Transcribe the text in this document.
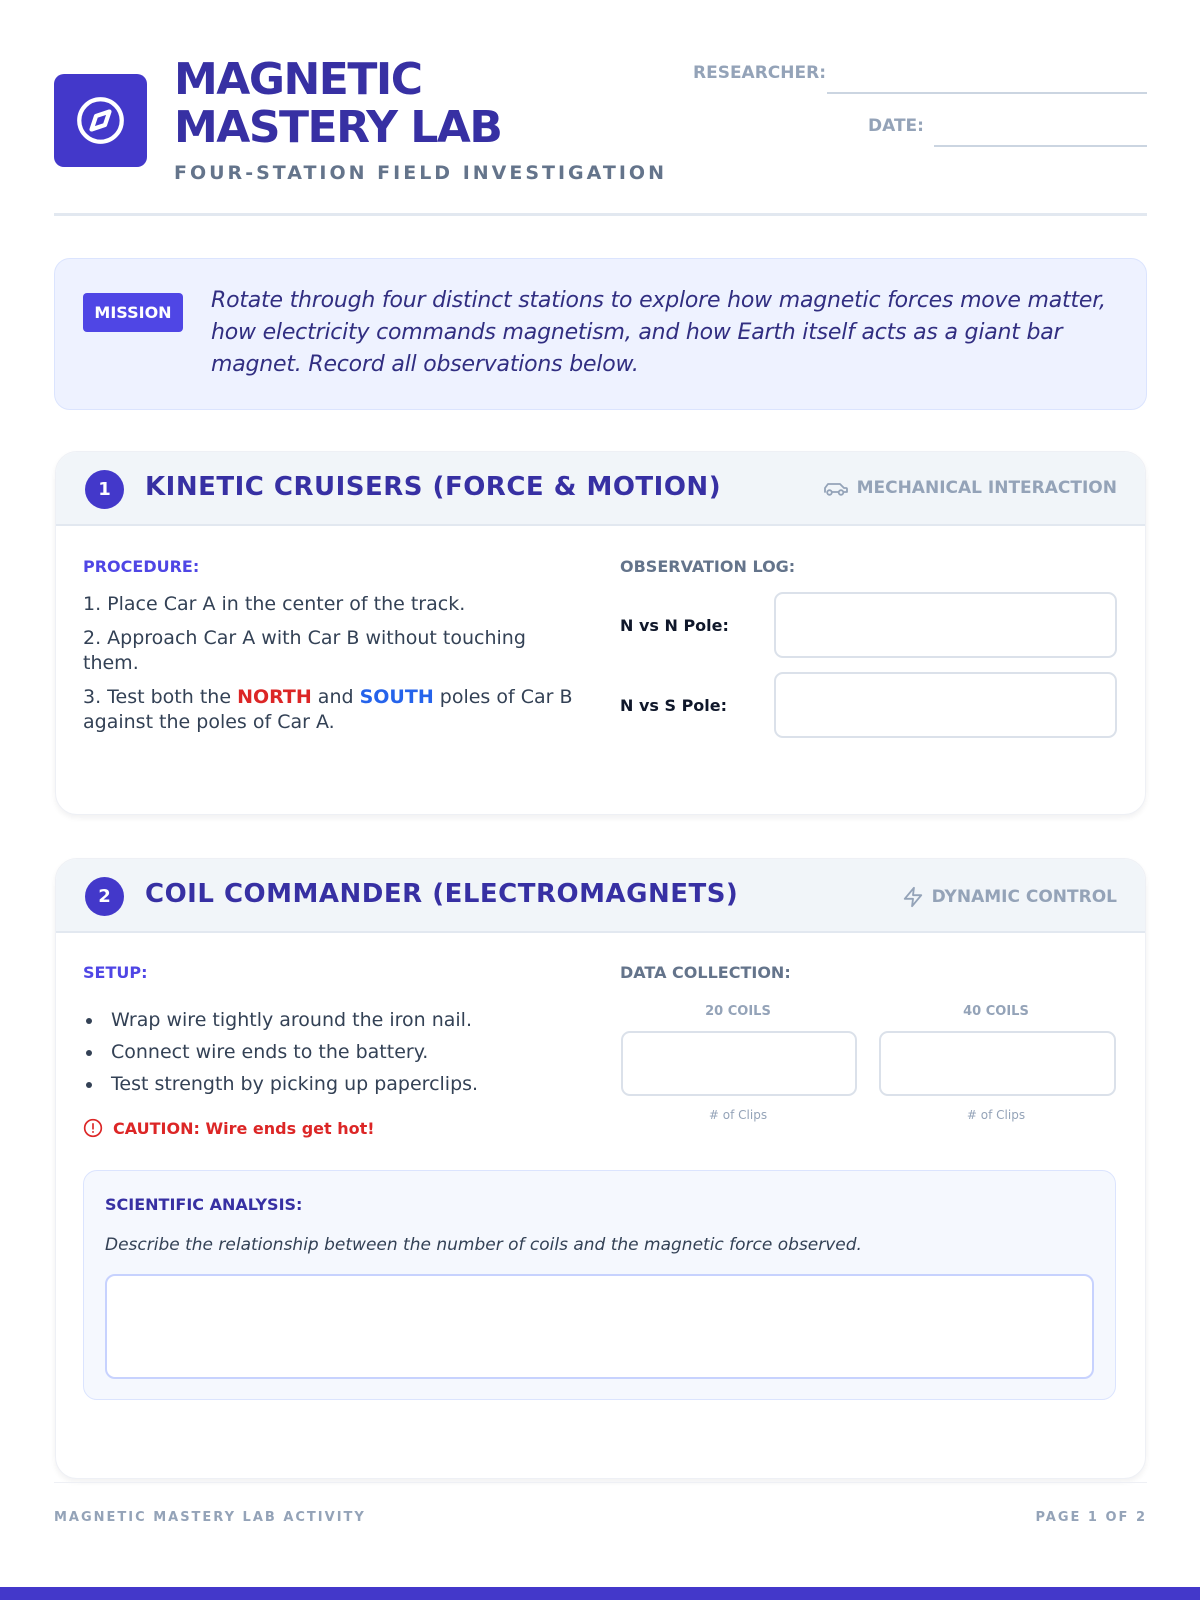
MAGNETIC
MASTERY LAB
FOUR-STATION FIELD INVESTIGATION
RESEARCHER:
DATE:
MISSION	Rotate through four distinct stations to explore how magnetic forces move matter, how electricity commands magnetism, and how Earth itself acts as a giant bar magnet. Record all observations below.
1	KINETIC CRUISERS (FORCE & MOTION)	MECHANICAL INTERACTION
PROCEDURE:

1. Place Car A in the center of the track.

2. Approach Car A with Car B without touching them.

3. Test both the NORTH and SOUTH poles of Car B against the poles of Car A.

OBSERVATION LOG:
N vs N Pole:
N vs S Pole:
2	COIL COMMANDER (ELECTROMAGNETS)	DYNAMIC CONTROL
SETUP:
Wrap wire tightly around the iron nail.
Connect wire ends to the battery.
Test strength by picking up paperclips.
CAUTION: Wire ends get hot!
DATA COLLECTION:
20 COILS
# of Clips
40 COILS
# of Clips
SCIENTIFIC ANALYSIS:
Describe the relationship between the number of coils and the magnetic force observed.
MAGNETIC MASTERY LAB ACTIVITY	PAGE 1 OF 2
